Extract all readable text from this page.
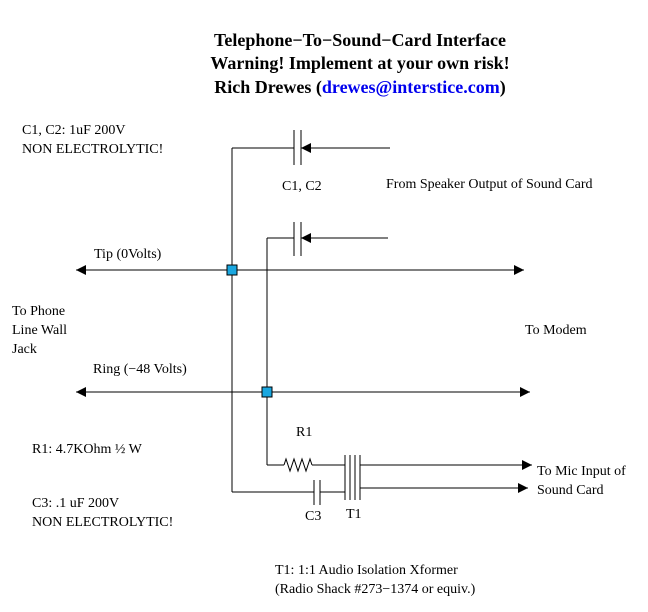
Telephone−To−Sound−Card Interface
Warning! Implement at your own risk!
Rich Drewes (drewes@interstice.com)
C1, C2: 1uF 200V
NON ELECTROLYTIC!
R1: 4.7KOhm ½ W
C3: .1 uF 200V
NON ELECTROLYTIC!
T1: 1:1 Audio Isolation Xformer
(Radio Shack #273−1374 or equiv.)
C1, C2	From Speaker Output of Sound Card
Tip (0Volts)
Ring (−48 Volts)
To Phone
Line Wall
Jack
To Modem
R1
C3 T1
To Mic Input of
Sound Card
